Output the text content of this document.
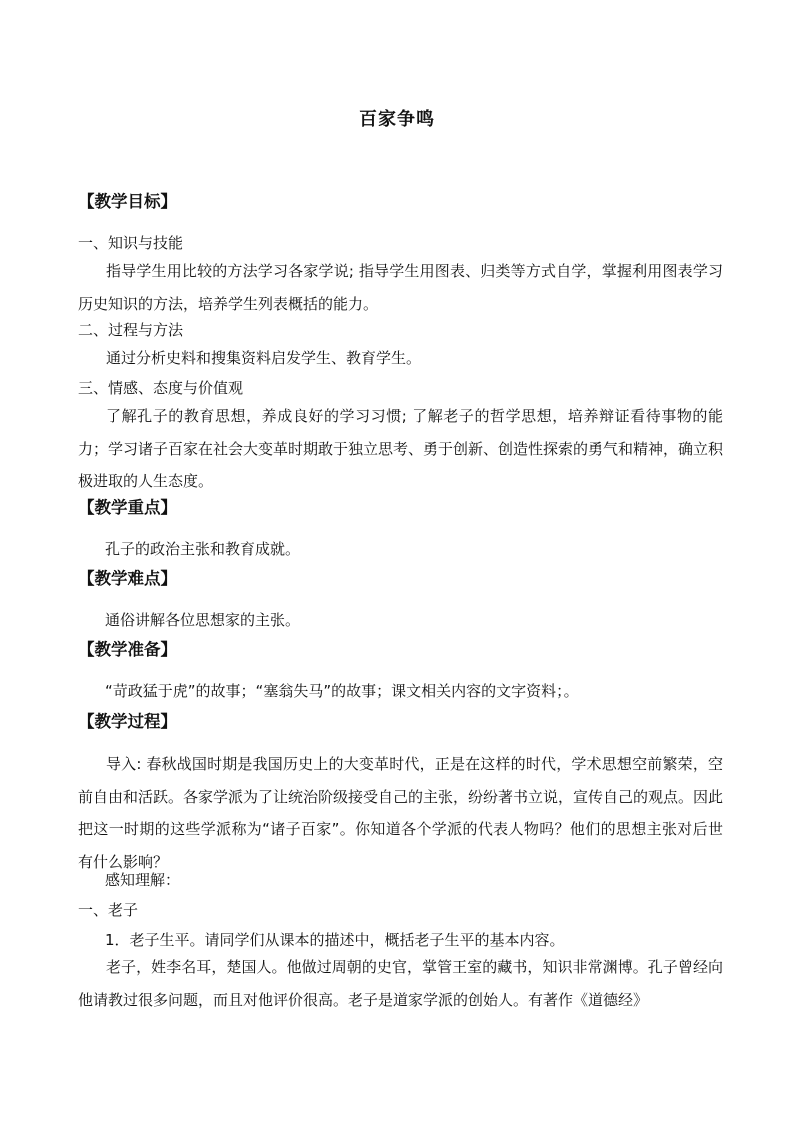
百家争鸣
【教学目标】
一、知识与技能
指导学生用比较的方法学习各家学说; 指导学生用图表、归类等方式自学，掌握利用图表学习历史知识的方法，培养学生列表概括的能力。
二、过程与方法
通过分析史料和搜集资料启发学生、教育学生。
三、情感、态度与价值观
了解孔子的教育思想，养成良好的学习习惯; 了解老子的哲学思想，培养辩证看待事物的能力；学习诸子百家在社会大变革时期敢于独立思考、勇于创新、创造性探索的勇气和精神，确立积极进取的人生态度。
【教学重点】
孔子的政治主张和教育成就。
【教学难点】
通俗讲解各位思想家的主张。
【教学准备】
“苛政猛于虎”的故事；“塞翁失马”的故事；课文相关内容的文字资料；。
【教学过程】
导入: 春秋战国时期是我国历史上的大变革时代，正是在这样的时代，学术思想空前繁荣，空前自由和活跃。各家学派为了让统治阶级接受自己的主张，纷纷著书立说，宣传自己的观点。因此把这一时期的这些学派称为“诸子百家”。你知道各个学派的代表人物吗？他们的思想主张对后世有什么影响？
感知理解：
一、老子
1．老子生平。请同学们从课本的描述中，概括老子生平的基本内容。
老子，姓李名耳，楚国人。他做过周朝的史官，掌管王室的藏书，知识非常渊博。孔子曾经向他请教过很多问题，而且对他评价很高。老子是道家学派的创始人。有著作《道德经》
